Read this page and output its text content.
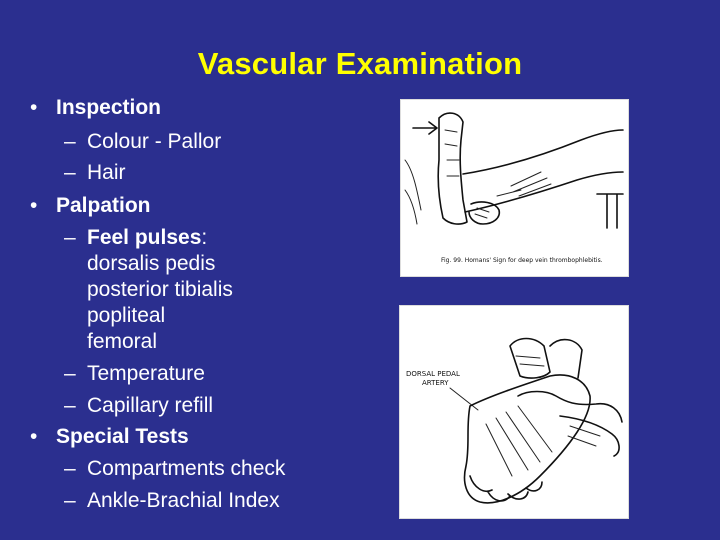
Vascular Examination
• Inspection
– Colour - Pallor
– Hair
• Palpation
– Feel pulses:
dorsalis pedis
posterior tibialis
popliteal
femoral
– Temperature
– Capillary refill
• Special Tests
– Compartments check
– Ankle-Brachial Index
Fig. 99. Homans' Sign for deep vein thrombophlebitis.
DORSAL PEDAL
ARTERY
